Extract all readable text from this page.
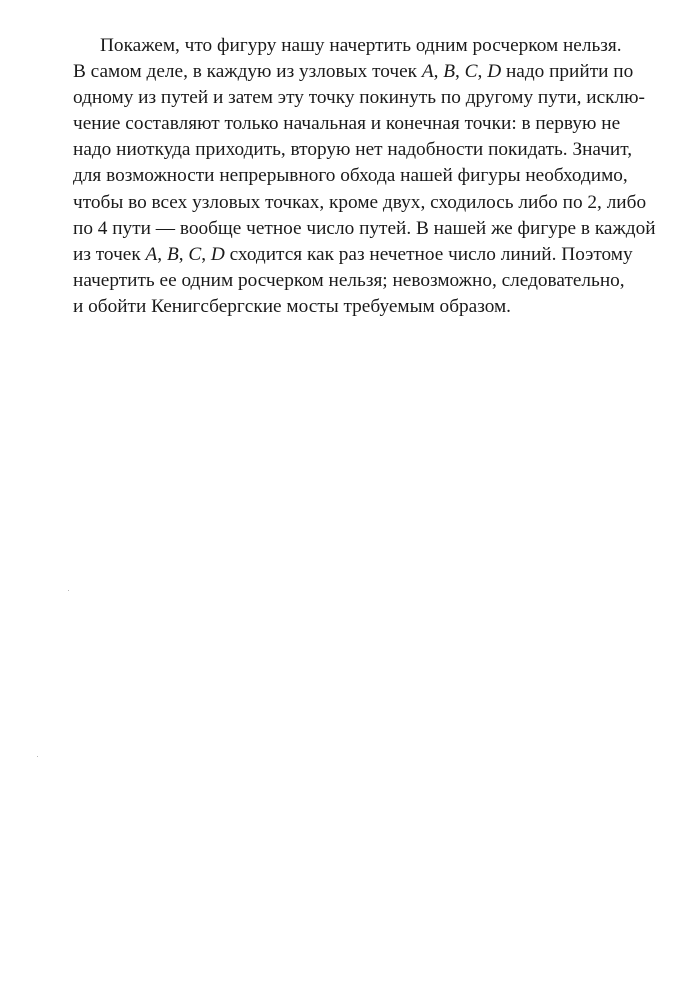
Покажем, что фигуру нашу начертить одним росчерком нельзя.
В самом деле, в каждую из узловых точек A, B, C, D надо прийти по
одному из путей и затем эту точку покинуть по другому пути, исклю-
чение составляют только начальная и конечная точки: в первую не
надо ниоткуда приходить, вторую нет надобности покидать. Значит,
для возможности непрерывного обхода нашей фигуры необходимо,
чтобы во всех узловых точках, кроме двух, сходилось либо по 2, либо
по 4 пути — вообще четное число путей. В нашей же фигуре в каждой
из точек A, B, C, D сходится как раз нечетное число линий. Поэтому
начертить ее одним росчерком нельзя; невозможно, следовательно,
и обойти Кенигсбергские мосты требуемым образом.
